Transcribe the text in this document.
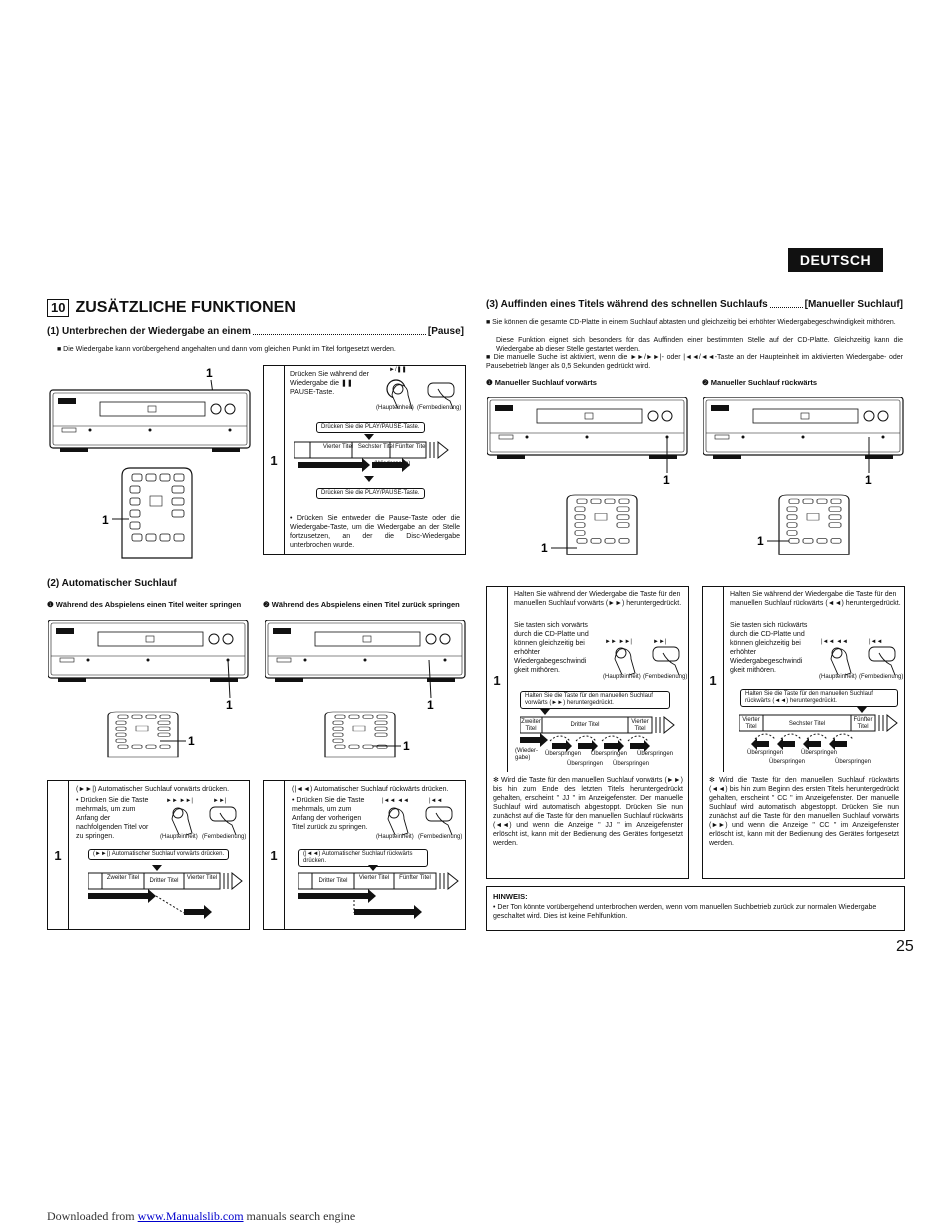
DEUTSCH
10 ZUSÄTZLICHE FUNKTIONEN
(1) Unterbrechen der Wiedergabe an einem	[Pause]
■ Die Wiedergabe kann vorübergehend angehalten und dann vom gleichen Punkt im Titel fortgesetzt werden.
1
1
1
Drücken Sie während der Wiedergabe die ❚❚ PAUSE-Taste.
►/❚❚
(Haupteinheit) (Fernbedienung)
Drücken Sie die PLAY/PAUSE-Taste.
Vierter Titel Sechster Titel Fünfter Titel
(Wiedergabe)
Drücken Sie die PLAY/PAUSE-Taste.
• Drücken Sie entweder die Pause-Taste oder die Wiedergabe-Taste, um die Wiedergabe an der Stelle fortzusetzen, an der die Disc-Wiedergabe unterbrochen wurde.
(2) Automatischer Suchlauf
❶ Während des Abspielens einen Titel weiter springen	❷ Während des Abspielens einen Titel zurück springen
1
1
1
1
1
(►►|) Automatischer Suchlauf vorwärts drücken.
• Drücken Sie die Taste mehrmals, um zum Anfang der nachfolgenden Titel vor zu springen.
►► ►►|	►►|
(Haupteinheit) (Fernbedienung)
(►►|) Automatischer Suchlauf vorwärts drücken.
Zweiter Titel	Dritter Titel	Vierter Titel
1
(|◄◄) Automatischer Suchlauf rückwärts drücken.
• Drücken Sie die Taste mehrmals, um zum Anfang der vorherigen Titel zurück zu springen.
|◄◄ ◄◄	|◄◄
(Haupteinheit) (Fernbedienung)
(|◄◄) Automatischer Suchlauf rückwärts drücken.
Dritter Titel	Vierter Titel	Fünfter Titel
(3) Auffinden eines Titels während des schnellen Suchlaufs	[Manueller Suchlauf]
■ Sie können die gesamte CD-Platte in einem Suchlauf abtasten und gleichzeitig bei erhöhter Wiedergabegeschwindigkeit mithören.
Diese Funktion eignet sich besonders für das Auffinden einer bestimmten Stelle auf der CD-Platte. Gleichzeitig kann die Wiedergabe ab dieser Stelle gestartet werden.
■ Die manuelle Suche ist aktiviert, wenn die ►►/►►|- oder |◄◄/◄◄-Taste an der Haupteinheit im aktivierten Wiedergabe- oder Pausebetrieb länger als 0,5 Sekunden gedrückt wird.
❶ Manueller Suchlauf vorwärts	❷ Manueller Suchlauf rückwärts
1
1
1
1
1
Halten Sie während der Wiedergabe die Taste für den manuellen Suchlauf vorwärts (►►) heruntergedrückt.
Sie tasten sich vorwärts durch die CD-Platte und können gleichzeitig bei erhöhter Wiedergabegeschwindi gkeit mithören.
►► ►►|	►►|
(Haupteinheit) (Fernbedienung)
Halten Sie die Taste für den manuellen Suchlauf vorwärts (►►) heruntergedrückt.
Zweiter Titel
Dritter Titel	Vierter Titel
(Wieder-gabe)
Überspringen Überspringen Überspringen
Überspringen Überspringen
✻ Wird die Taste für den manuellen Suchlauf vorwärts (►►) bis hin zum Ende des letzten Titels heruntergedrückt gehalten, erscheint " JJ " im Anzeigefenster. Der manuelle Suchlauf wird automatisch abgestoppt. Drücken Sie nun zunächst auf die Taste für den manuellen Suchlauf rückwärts (◄◄) und wenn die Anzeige " JJ " im Anzeigefenster erlöscht ist, kann mit der Bedienung des Gerätes fortgesetzt werden.
1
Halten Sie während der Wiedergabe die Taste für den manuellen Suchlauf rückwärts (◄◄) heruntergedrückt.
Sie tasten sich rückwärts durch die CD-Platte und können gleichzeitig bei erhöhter Wiedergabegeschwindi gkeit mithören.
|◄◄ ◄◄	|◄◄
(Haupteinheit) (Fernbedienung)
Halten Sie die Taste für den manuellen Suchlauf rückwärts (◄◄) heruntergedrückt.
Vierter Titel	Sechster Titel
Fünfter Titel
Überspringen	Überspringen
Überspringen	Überspringen
✻ Wird die Taste für den manuellen Suchlauf rückwärts (◄◄) bis hin zum Beginn des ersten Titels heruntergedrückt gehalten, erscheint " CC " im Anzeigefenster. Der manuelle Suchlauf wird automatisch abgestoppt. Drücken Sie nun zunächst auf die Taste für den manuellen Suchlauf vorwärts (►►) und wenn die Anzeige " CC " im Anzeigefenster erlöscht ist, kann mit der Bedienung des Gerätes fortgesetzt werden.
HINWEIS:
• Der Ton könnte vorübergehend unterbrochen werden, wenn vom manuellen Suchbetrieb zurück zur normalen Wiedergabe geschaltet wird. Dies ist keine Fehlfunktion.
25
Downloaded from www.Manualslib.com manuals search engine
